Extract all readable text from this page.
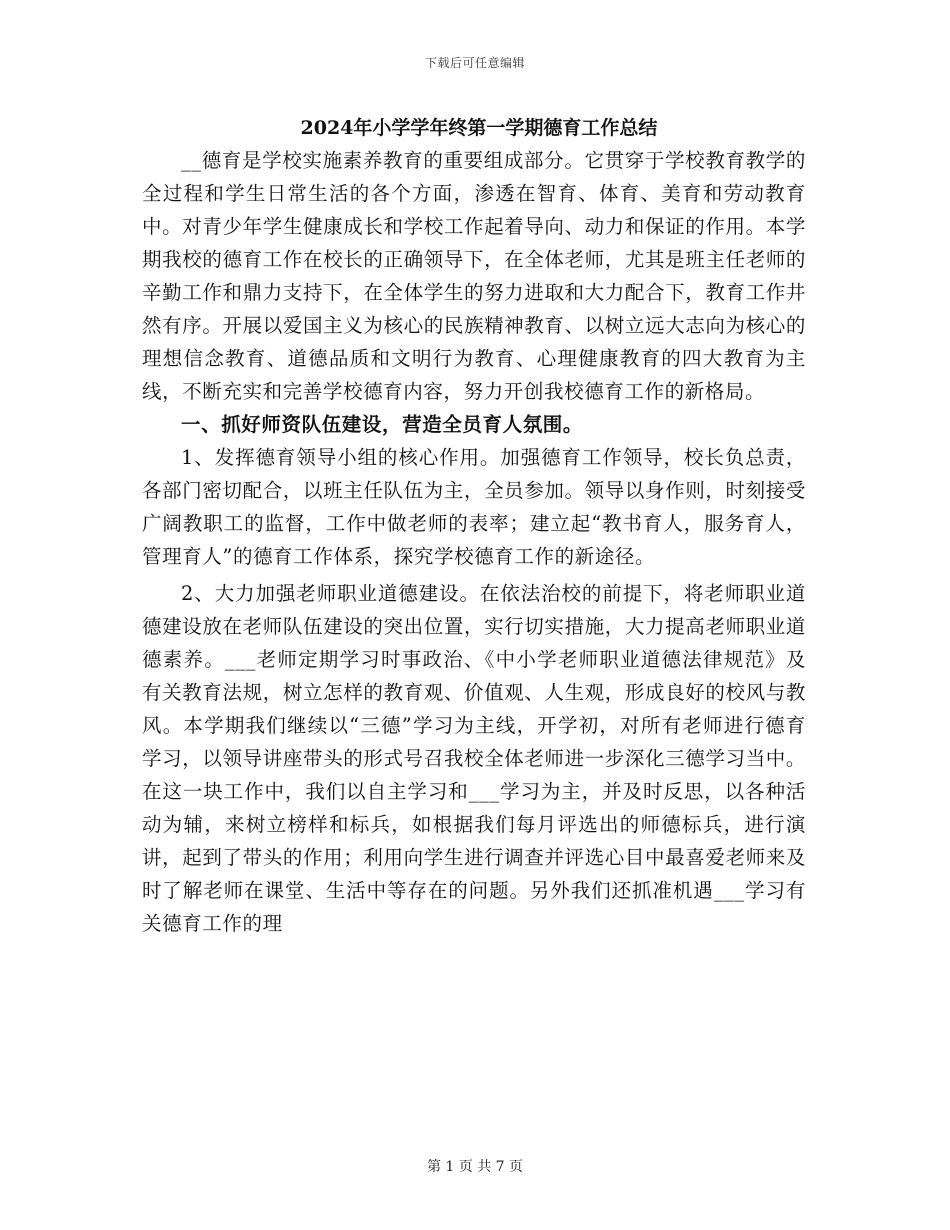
下载后可任意编辑
2024年小学学年终第一学期德育工作总结

__德育是学校实施素养教育的重要组成部分。它贯穿于学校教育教学的全过程和学生日常生活的各个方面，渗透在智育、体育、美育和劳动教育中。对青少年学生健康成长和学校工作起着导向、动力和保证的作用。本学期我校的德育工作在校长的正确领导下，在全体老师，尤其是班主任老师的辛勤工作和鼎力支持下，在全体学生的努力进取和大力配合下，教育工作井然有序。开展以爱国主义为核心的民族精神教育、以树立远大志向为核心的理想信念教育、道德品质和文明行为教育、心理健康教育的四大教育为主线，不断充实和完善学校德育内容，努力开创我校德育工作的新格局。

一、抓好师资队伍建设，营造全员育人氛围。

1、发挥德育领导小组的核心作用。加强德育工作领导，校长负总责，各部门密切配合，以班主任队伍为主，全员参加。领导以身作则，时刻接受广阔教职工的监督，工作中做老师的表率；建立起“教书育人，服务育人，管理育人”的德育工作体系，探究学校德育工作的新途径。

2、大力加强老师职业道德建设。在依法治校的前提下，将老师职业道德建设放在老师队伍建设的突出位置，实行切实措施，大力提高老师职业道德素养。___老师定期学习时事政治、《中小学老师职业道德法律规范》及有关教育法规，树立怎样的教育观、价值观、人生观，形成良好的校风与教风。本学期我们继续以“三德”学习为主线，开学初，对所有老师进行德育学习，以领导讲座带头的形式号召我校全体老师进一步深化三德学习当中。在这一块工作中，我们以自主学习和___学习为主，并及时反思，以各种活动为辅，来树立榜样和标兵，如根据我们每月评选出的师德标兵，进行演讲，起到了带头的作用；利用向学生进行调查并评选心目中最喜爱老师来及时了解老师在课堂、生活中等存在的问题。另外我们还抓准机遇___学习有关德育工作的理

第 1 页 共 7 页
